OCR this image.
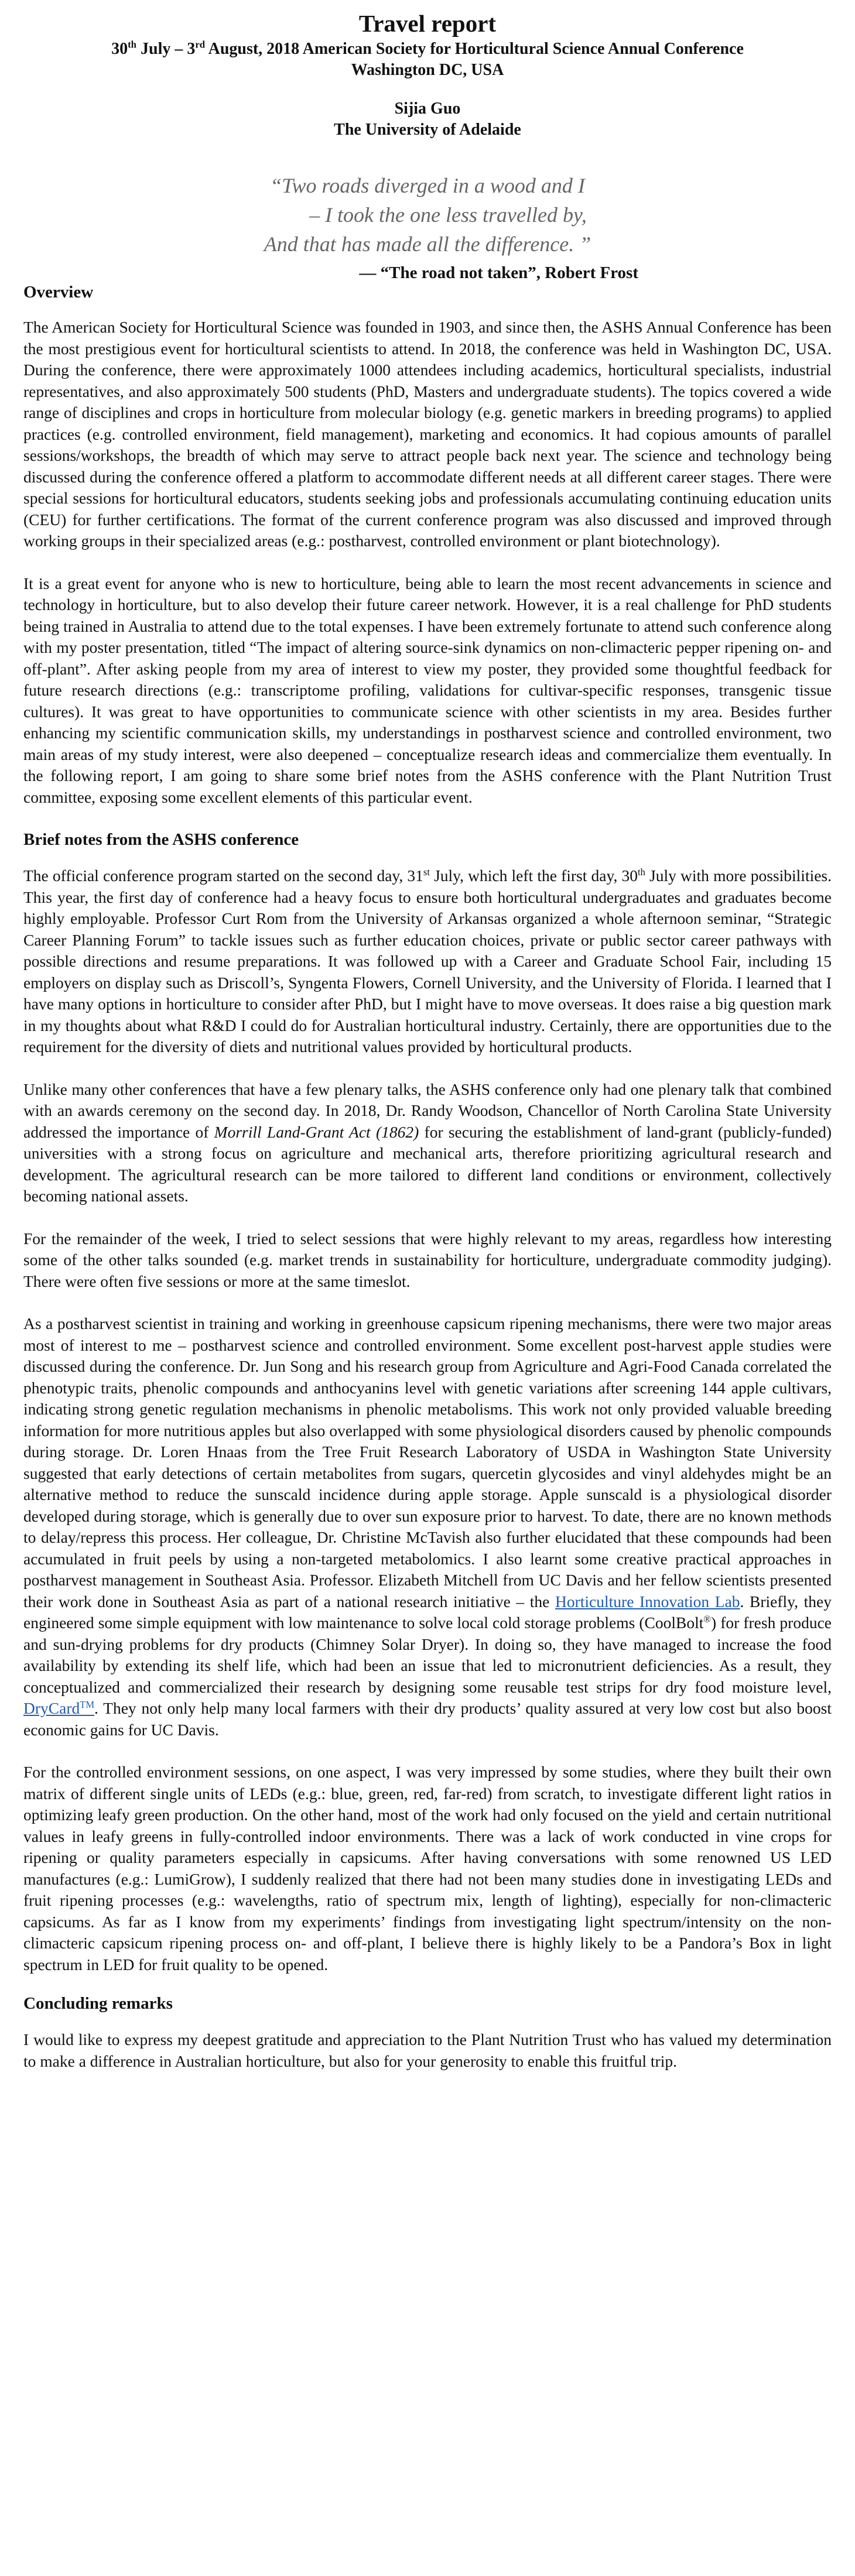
Travel report
30th July – 3rd August, 2018 American Society for Horticultural Science Annual Conference
Washington DC, USA
Sijia Guo
The University of Adelaide
“Two roads diverged in a wood and I
– I took the one less travelled by,
And that has made all the difference. ”
— “The road not taken”, Robert Frost
Overview

The American Society for Horticultural Science was founded in 1903, and since then, the ASHS Annual Conference has been the most prestigious event for horticultural scientists to attend. In 2018, the conference was held in Washington DC, USA. During the conference, there were approximately 1000 attendees including academics, horticultural specialists, industrial representatives, and also approximately 500 students (PhD, Masters and undergraduate students). The topics covered a wide range of disciplines and crops in horticulture from molecular biology (e.g. genetic markers in breeding programs) to applied practices (e.g. controlled environment, field management), marketing and economics. It had copious amounts of parallel sessions/workshops, the breadth of which may serve to attract people back next year. The science and technology being discussed during the conference offered a platform to accommodate different needs at all different career stages. There were special sessions for horticultural educators, students seeking jobs and professionals accumulating continuing education units (CEU) for further certifications. The format of the current conference program was also discussed and improved through working groups in their specialized areas (e.g.: postharvest, controlled environment or plant biotechnology).

It is a great event for anyone who is new to horticulture, being able to learn the most recent advancements in science and technology in horticulture, but to also develop their future career network. However, it is a real challenge for PhD students being trained in Australia to attend due to the total expenses. I have been extremely fortunate to attend such conference along with my poster presentation, titled “The impact of altering source-sink dynamics on non-climacteric pepper ripening on- and off-plant”. After asking people from my area of interest to view my poster, they provided some thoughtful feedback for future research directions (e.g.: transcriptome profiling, validations for cultivar-specific responses, transgenic tissue cultures). It was great to have opportunities to communicate science with other scientists in my area. Besides further enhancing my scientific communication skills, my understandings in postharvest science and controlled environment, two main areas of my study interest, were also deepened – conceptualize research ideas and commercialize them eventually. In the following report, I am going to share some brief notes from the ASHS conference with the Plant Nutrition Trust committee, exposing some excellent elements of this particular event.

Brief notes from the ASHS conference

The official conference program started on the second day, 31st July, which left the first day, 30th July with more possibilities. This year, the first day of conference had a heavy focus to ensure both horticultural undergraduates and graduates become highly employable. Professor Curt Rom from the University of Arkansas organized a whole afternoon seminar, “Strategic Career Planning Forum” to tackle issues such as further education choices, private or public sector career pathways with possible directions and resume preparations. It was followed up with a Career and Graduate School Fair, including 15 employers on display such as Driscoll’s, Syngenta Flowers, Cornell University, and the University of Florida. I learned that I have many options in horticulture to consider after PhD, but I might have to move overseas. It does raise a big question mark in my thoughts about what R&D I could do for Australian horticultural industry. Certainly, there are opportunities due to the requirement for the diversity of diets and nutritional values provided by horticultural products.

Unlike many other conferences that have a few plenary talks, the ASHS conference only had one plenary talk that combined with an awards ceremony on the second day. In 2018, Dr. Randy Woodson, Chancellor of North Carolina State University addressed the importance of Morrill Land-Grant Act (1862) for securing the establishment of land-grant (publicly-funded) universities with a strong focus on agriculture and mechanical arts, therefore prioritizing agricultural research and development. The agricultural research can be more tailored to different land conditions or environment, collectively becoming national assets.

For the remainder of the week, I tried to select sessions that were highly relevant to my areas, regardless how interesting some of the other talks sounded (e.g. market trends in sustainability for horticulture, undergraduate commodity judging). There were often five sessions or more at the same timeslot.

As a postharvest scientist in training and working in greenhouse capsicum ripening mechanisms, there were two major areas most of interest to me – postharvest science and controlled environment. Some excellent post-harvest apple studies were discussed during the conference. Dr. Jun Song and his research group from Agriculture and Agri-Food Canada correlated the phenotypic traits, phenolic compounds and anthocyanins level with genetic variations after screening 144 apple cultivars, indicating strong genetic regulation mechanisms in phenolic metabolisms. This work not only provided valuable breeding information for more nutritious apples but also overlapped with some physiological disorders caused by phenolic compounds during storage. Dr. Loren Hnaas from the Tree Fruit Research Laboratory of USDA in Washington State University suggested that early detections of certain metabolites from sugars, quercetin glycosides and vinyl aldehydes might be an alternative method to reduce the sunscald incidence during apple storage. Apple sunscald is a physiological disorder developed during storage, which is generally due to over sun exposure prior to harvest. To date, there are no known methods to delay/repress this process. Her colleague, Dr. Christine McTavish also further elucidated that these compounds had been accumulated in fruit peels by using a non-targeted metabolomics. I also learnt some creative practical approaches in postharvest management in Southeast Asia. Professor. Elizabeth Mitchell from UC Davis and her fellow scientists presented their work done in Southeast Asia as part of a national research initiative – the Horticulture Innovation Lab. Briefly, they engineered some simple equipment with low maintenance to solve local cold storage problems (CoolBolt®) for fresh produce and sun-drying problems for dry products (Chimney Solar Dryer). In doing so, they have managed to increase the food availability by extending its shelf life, which had been an issue that led to micronutrient deficiencies. As a result, they conceptualized and commercialized their research by designing some reusable test strips for dry food moisture level, DryCard™. They not only help many local farmers with their dry products’ quality assured at very low cost but also boost economic gains for UC Davis.

For the controlled environment sessions, on one aspect, I was very impressed by some studies, where they built their own matrix of different single units of LEDs (e.g.: blue, green, red, far-red) from scratch, to investigate different light ratios in optimizing leafy green production. On the other hand, most of the work had only focused on the yield and certain nutritional values in leafy greens in fully-controlled indoor environments. There was a lack of work conducted in vine crops for ripening or quality parameters especially in capsicums. After having conversations with some renowned US LED manufactures (e.g.: LumiGrow), I suddenly realized that there had not been many studies done in investigating LEDs and fruit ripening processes (e.g.: wavelengths, ratio of spectrum mix, length of lighting), especially for non-climacteric capsicums. As far as I know from my experiments’ findings from investigating light spectrum/intensity on the non-climacteric capsicum ripening process on- and off-plant, I believe there is highly likely to be a Pandora’s Box in light spectrum in LED for fruit quality to be opened.

Concluding remarks

I would like to express my deepest gratitude and appreciation to the Plant Nutrition Trust who has valued my determination to make a difference in Australian horticulture, but also for your generosity to enable this fruitful trip.
